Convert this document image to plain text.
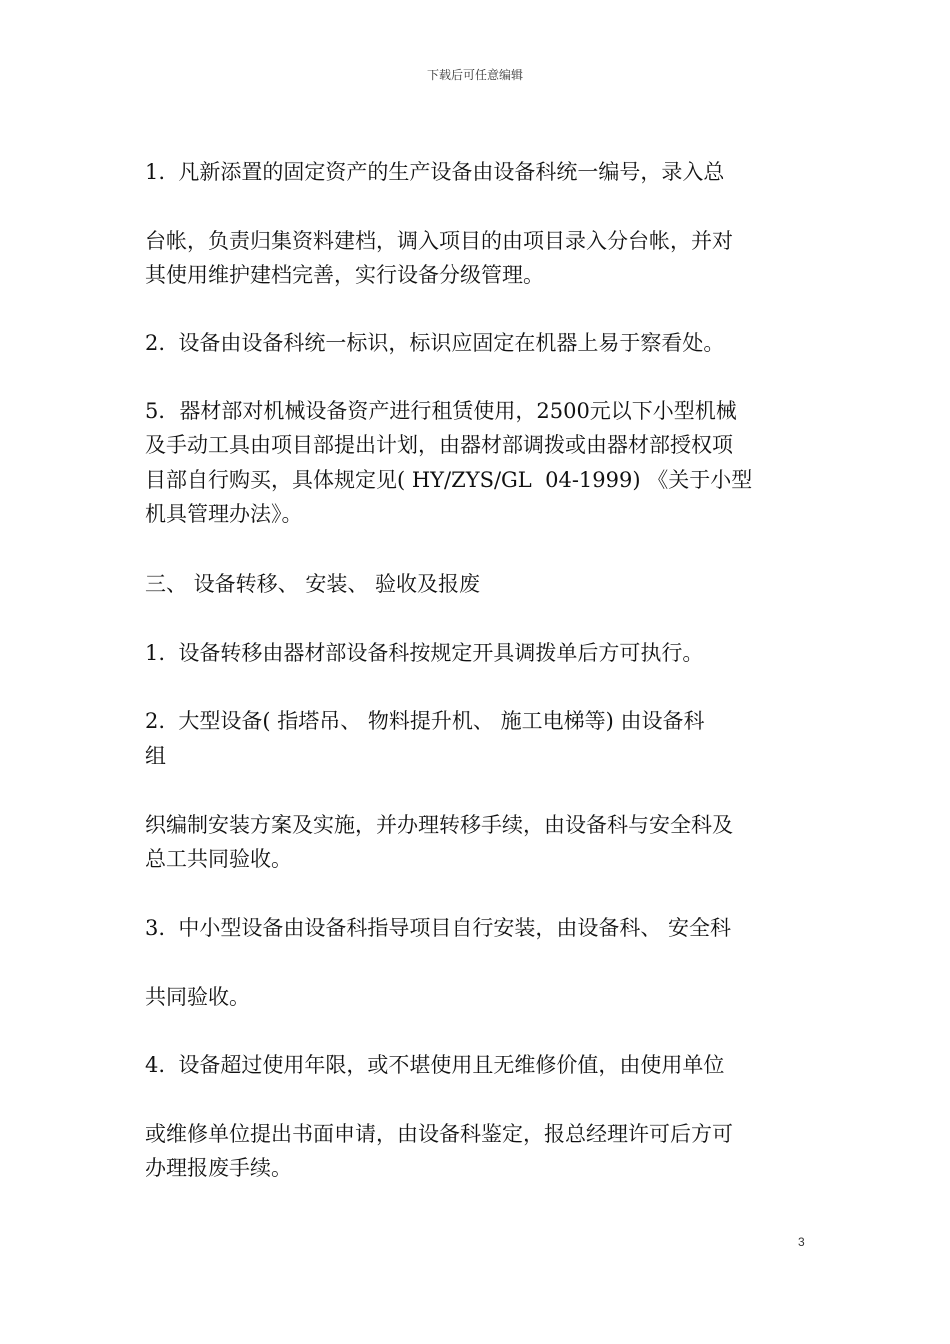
下载后可任意编辑
1.  凡新添置的固定资产的生产设备由设备科统一编号，录入总
台帐，负责归集资料建档，调入项目的由项目录入分台帐，并对
其使用维护建档完善，实行设备分级管理。
2.  设备由设备科统一标识，标识应固定在机器上易于察看处。
5．器材部对机械设备资产进行租赁使用，2500元以下小型机械
及手动工具由项目部提出计划，由器材部调拨或由器材部授权项
目部自行购买，具体规定见( HY/ZYS/GL  04-1999) 《关于小型
机具管理办法》。
三、 设备转移、 安装、 验收及报废
1.  设备转移由器材部设备科按规定开具调拨单后方可执行。
2.  大型设备( 指塔吊、 物料提升机、 施工电梯等) 由设备科
组
织编制安装方案及实施，并办理转移手续，由设备科与安全科及
总工共同验收。
3.  中小型设备由设备科指导项目自行安装，由设备科、 安全科
共同验收。
4.  设备超过使用年限，或不堪使用且无维修价值，由使用单位
或维修单位提出书面申请，由设备科鉴定，报总经理许可后方可
办理报废手续。
3
